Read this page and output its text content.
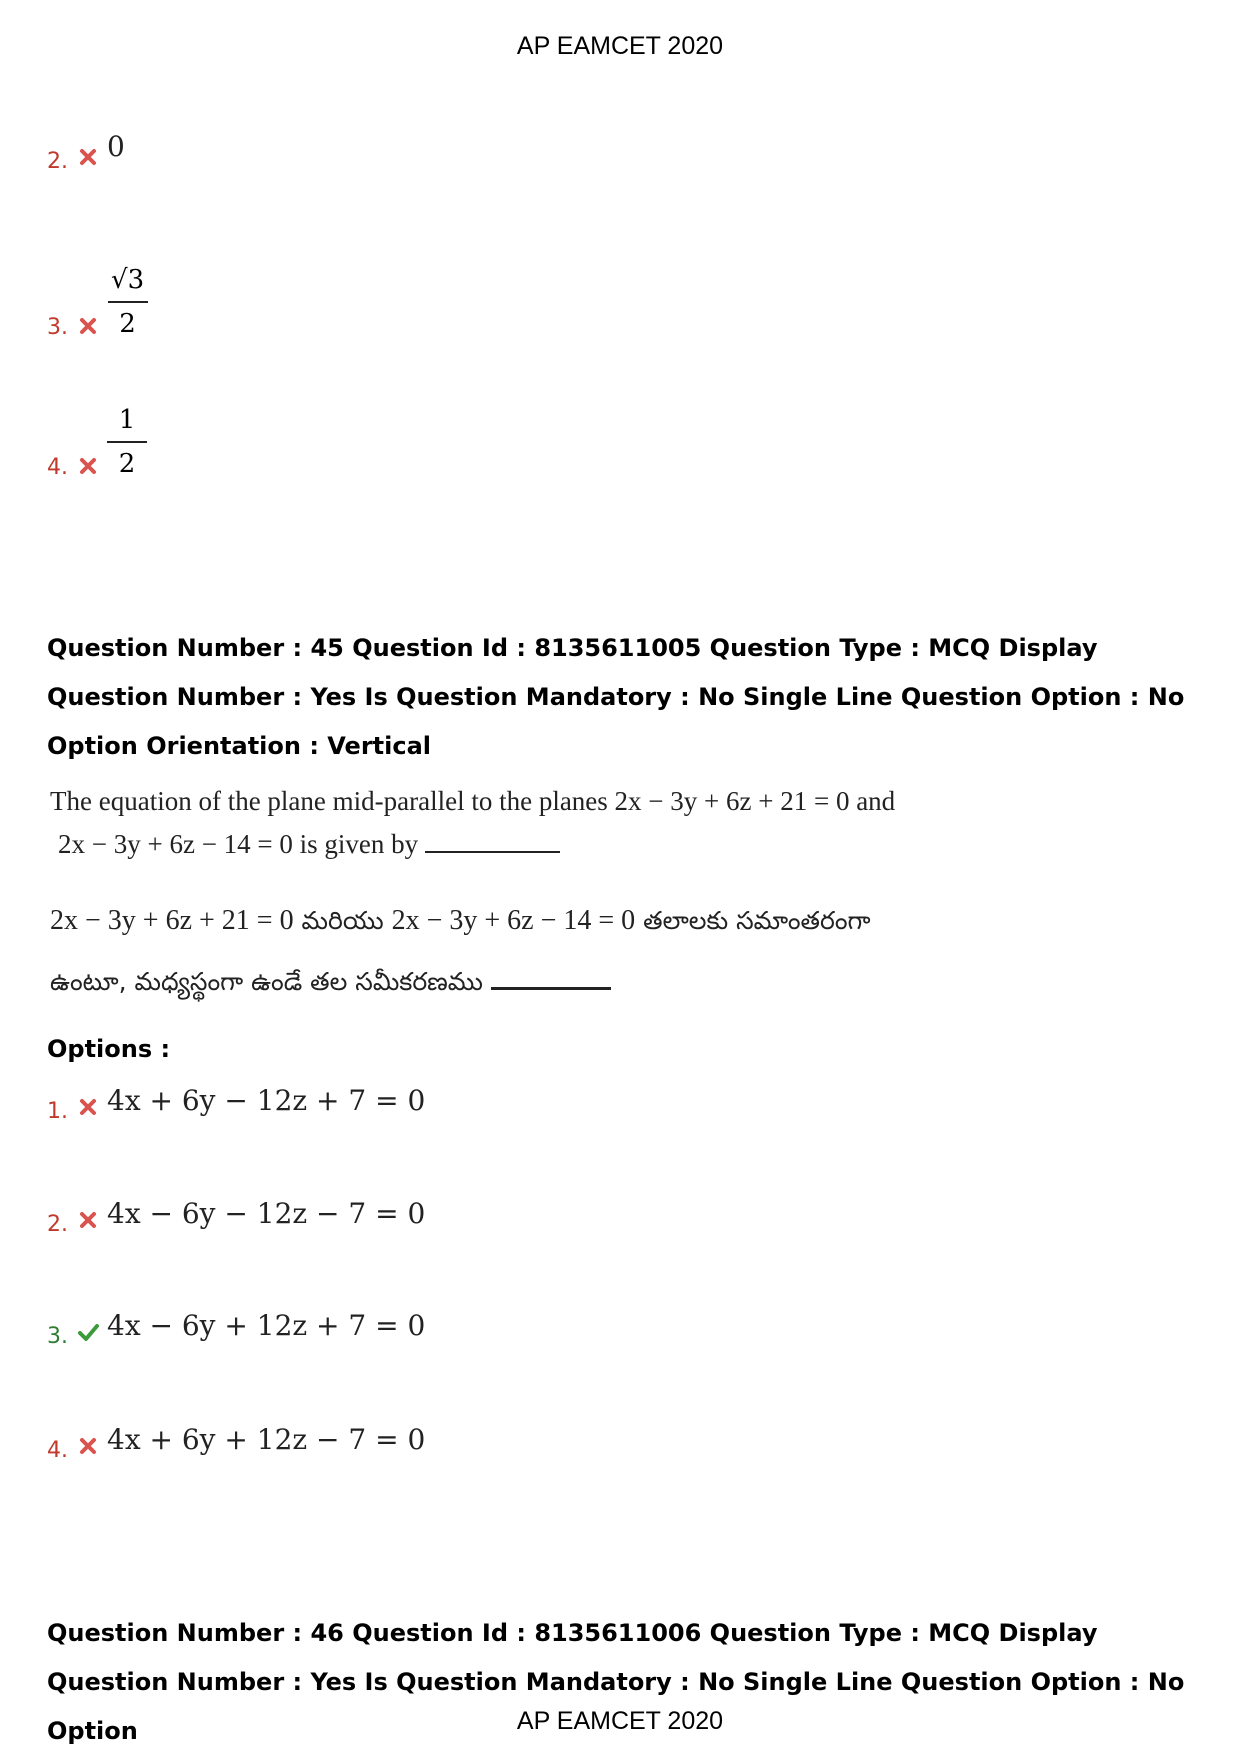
AP EAMCET 2020
2. 0
3. $\frac{√3}{2}$
4. $\frac{1}{2}$
Question Number : 45 Question Id : 8135611005 Question Type : MCQ Display Question Number : Yes Is Question Mandatory : No Single Line Question Option : No Option Orientation : Vertical
The equation of the plane mid-parallel to the planes 2x − 3y + 6z + 21 = 0 and
2x − 3y + 6z − 14 = 0 is given by
2x − 3y + 6z + 21 = 0 మరియు 2x − 3y + 6z − 14 = 0 తలాలకు సమాంతరంగా
ఉంటూ, మధ్యస్థంగా ఉండే తల సమీకరణము
Options :
1. 4x + 6y − 12z + 7 = 0
2. 4x − 6y − 12z − 7 = 0
3. 4x − 6y + 12z + 7 = 0
4. 4x + 6y + 12z − 7 = 0
Question Number : 46 Question Id : 8135611006 Question Type : MCQ Display Question Number : Yes Is Question Mandatory : No Single Line Question Option : No Option	AP EAMCET 2020
